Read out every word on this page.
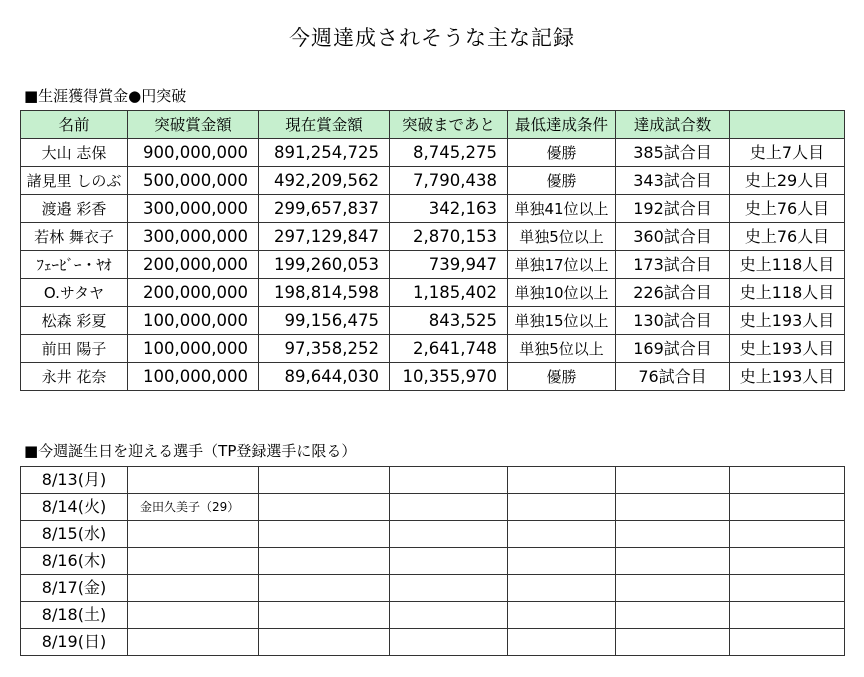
今週達成されそうな主な記録
■生涯獲得賞金●円突破
名前	突破賞金額	現在賞金額	突破まであと	最低達成条件	達成試合数	
大山 志保	900,000,000	891,254,725	8,745,275	優勝	385試合目	史上7人目
諸見里 しのぶ	500,000,000	492,209,562	7,790,438	優勝	343試合目	史上29人目
渡邉 彩香	300,000,000	299,657,837	342,163	単独41位以上	192試合目	史上76人目
若林 舞衣子	300,000,000	297,129,847	2,870,153	単独5位以上	360試合目	史上76人目
ﾌｪｰﾋﾞｰ・ﾔｵ	200,000,000	199,260,053	739,947	単独17位以上	173試合目	史上118人目
O.サタヤ	200,000,000	198,814,598	1,185,402	単独10位以上	226試合目	史上118人目
松森 彩夏	100,000,000	99,156,475	843,525	単独15位以上	130試合目	史上193人目
前田 陽子	100,000,000	97,358,252	2,641,748	単独5位以上	169試合目	史上193人目
永井 花奈	100,000,000	89,644,030	10,355,970	優勝	76試合目	史上193人目
■今週誕生日を迎える選手（TP登録選手に限る）
8/13(月)						
8/14(火)	金田久美子（29）					
8/15(水)						
8/16(木)						
8/17(金)						
8/18(土)						
8/19(日)						
